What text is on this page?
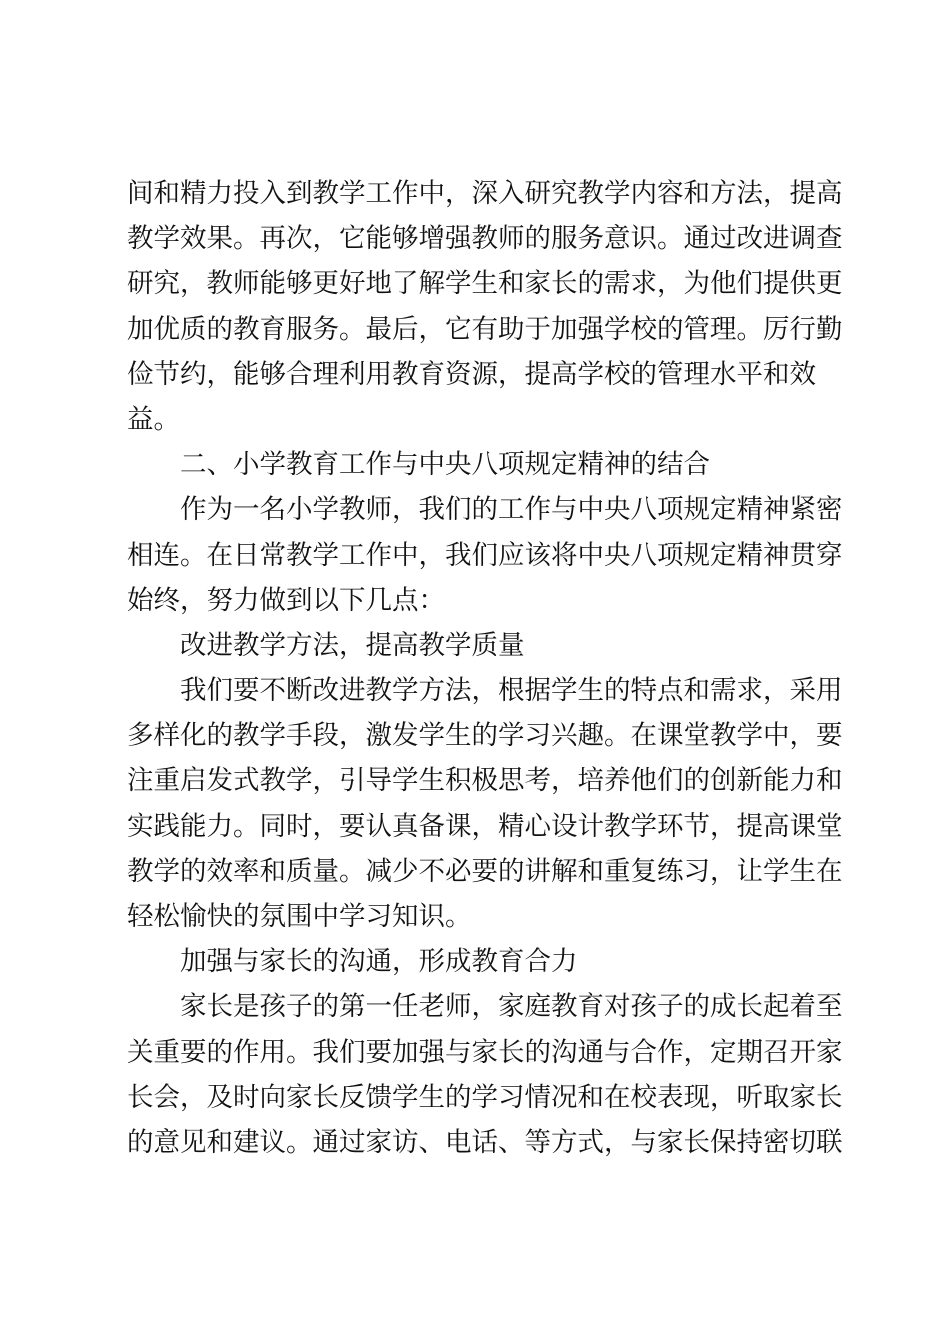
间和精力投入到教学工作中，深入研究教学内容和方法，提高
教学效果。再次，它能够增强教师的服务意识。通过改进调查
研究，教师能够更好地了解学生和家长的需求，为他们提供更
加优质的教育服务。最后，它有助于加强学校的管理。厉行勤
俭节约，能够合理利用教育资源，提高学校的管理水平和效
益。
二、小学教育工作与中央八项规定精神的结合
作为一名小学教师，我们的工作与中央八项规定精神紧密
相连。在日常教学工作中，我们应该将中央八项规定精神贯穿
始终，努力做到以下几点：
改进教学方法，提高教学质量
我们要不断改进教学方法，根据学生的特点和需求，采用
多样化的教学手段，激发学生的学习兴趣。在课堂教学中，要
注重启发式教学，引导学生积极思考，培养他们的创新能力和
实践能力。同时，要认真备课，精心设计教学环节，提高课堂
教学的效率和质量。减少不必要的讲解和重复练习，让学生在
轻松愉快的氛围中学习知识。
加强与家长的沟通，形成教育合力
家长是孩子的第一任老师，家庭教育对孩子的成长起着至
关重要的作用。我们要加强与家长的沟通与合作，定期召开家
长会，及时向家长反馈学生的学习情况和在校表现，听取家长
的意见和建议。通过家访、电话、等方式，与家长保持密切联
